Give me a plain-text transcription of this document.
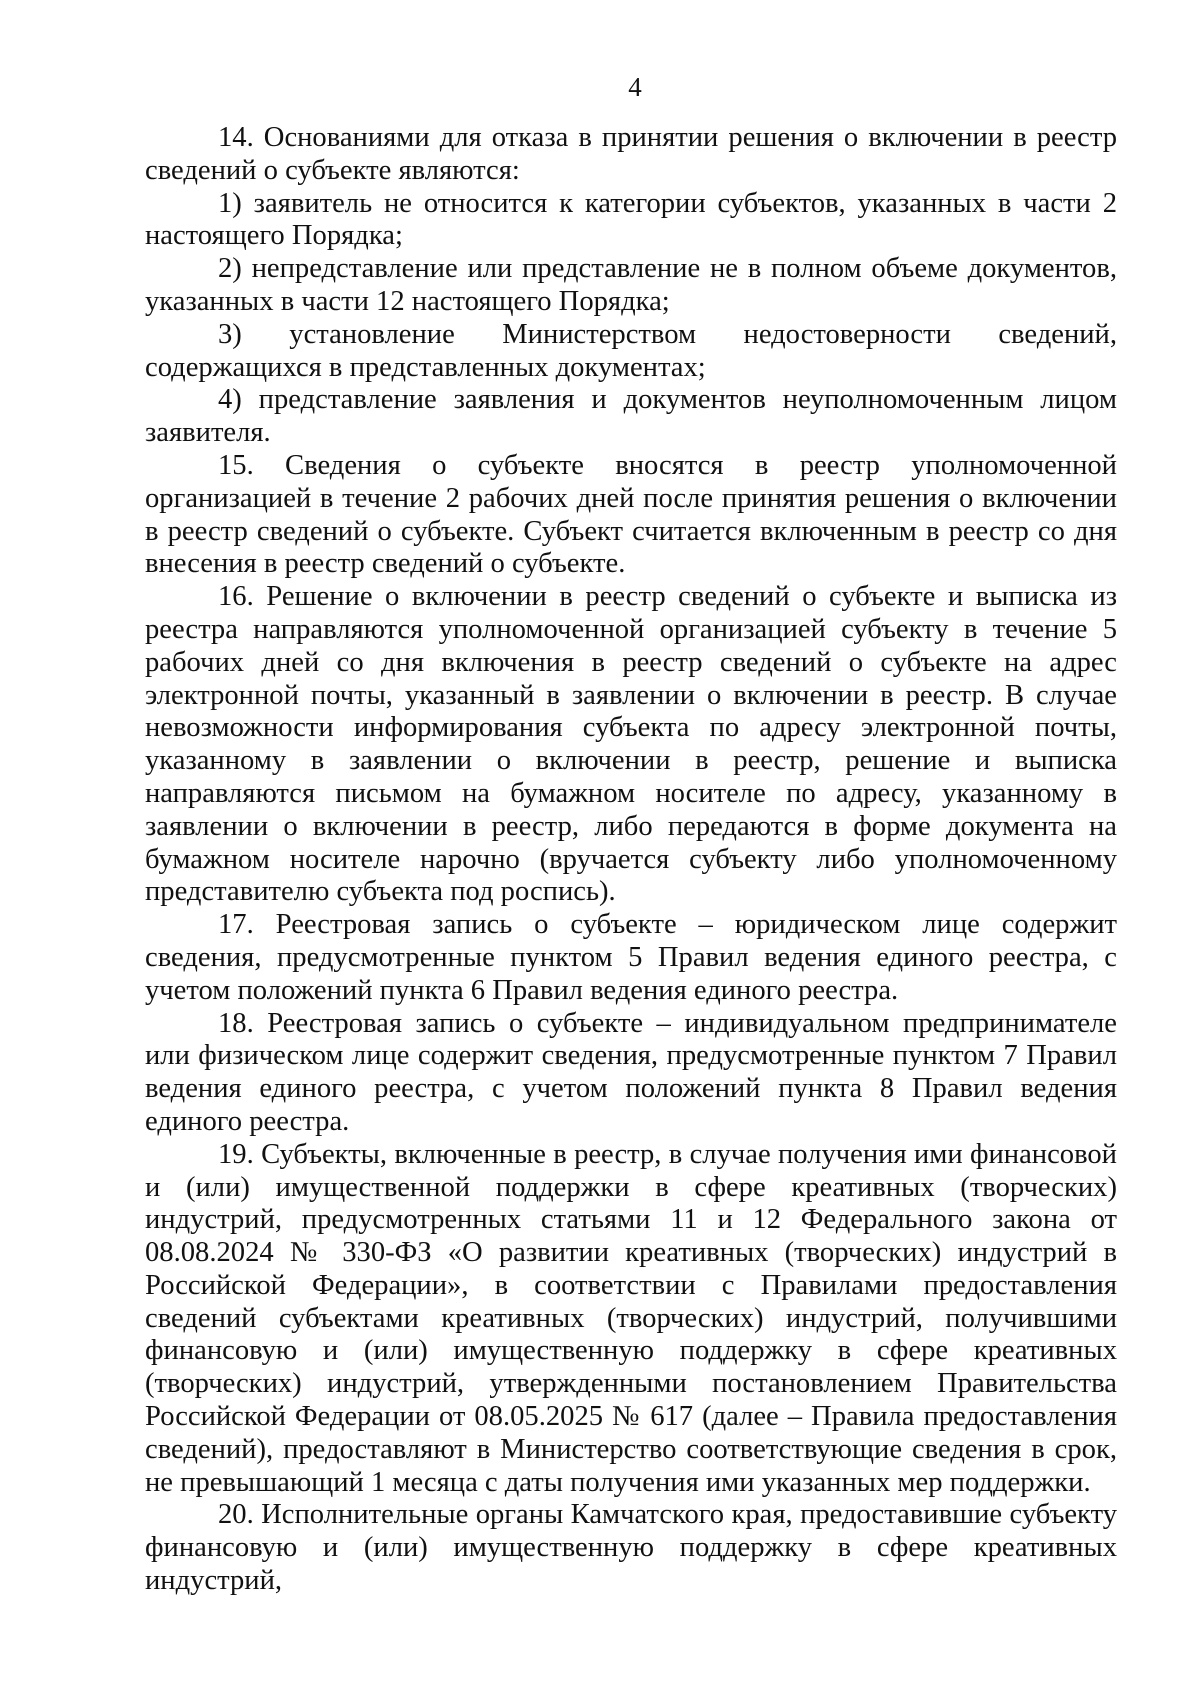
4

14. Основаниями для отказа в принятии решения о включении в реестр сведений о субъекте являются:

1) заявитель не относится к категории субъектов, указанных в части 2 настоящего Порядка;

2) непредставление или представление не в полном объеме документов, указанных в части 12 настоящего Порядка;

3) установление Министерством недостоверности сведений, содержащихся в представленных документах;

4) представление заявления и документов неуполномоченным лицом заявителя.

15. Сведения о субъекте вносятся в реестр уполномоченной организацией в течение 2 рабочих дней после принятия решения о включении в реестр сведений о субъекте. Субъект считается включенным в реестр со дня внесения в реестр сведений о субъекте.

16. Решение о включении в реестр сведений о субъекте и выписка из реестра направляются уполномоченной организацией субъекту в течение 5 рабочих дней со дня включения в реестр сведений о субъекте на адрес электронной почты, указанный в заявлении о включении в реестр. В случае невозможности информирования субъекта по адресу электронной почты, указанному в заявлении о включении в реестр, решение и выписка направляются письмом на бумажном носителе по адресу, указанному в заявлении о включении в реестр, либо передаются в форме документа на бумажном носителе нарочно (вручается субъекту либо уполномоченному представителю субъекта под роспись).

17. Реестровая запись о субъекте – юридическом лице содержит сведения, предусмотренные пунктом 5 Правил ведения единого реестра, с учетом положений пункта 6 Правил ведения единого реестра.

18. Реестровая запись о субъекте – индивидуальном предпринимателе или физическом лице содержит сведения, предусмотренные пунктом 7 Правил ведения единого реестра, с учетом положений пункта 8 Правил ведения единого реестра.

19. Субъекты, включенные в реестр, в случае получения ими финансовой и (или) имущественной поддержки в сфере креативных (творческих) индустрий, предусмотренных статьями 11 и 12 Федерального закона от 08.08.2024 № 330-ФЗ «О развитии креативных (творческих) индустрий в Российской Федерации», в соответствии с Правилами предоставления сведений субъектами креативных (творческих) индустрий, получившими финансовую и (или) имущественную поддержку в сфере креативных (творческих) индустрий, утвержденными постановлением Правительства Российской Федерации от 08.05.2025 № 617 (далее – Правила предоставления сведений), предоставляют в Министерство соответствующие сведения в срок, не превышающий 1 месяца с даты получения ими указанных мер поддержки.

20. Исполнительные органы Камчатского края, предоставившие субъекту финансовую и (или) имущественную поддержку в сфере креативных индустрий,
